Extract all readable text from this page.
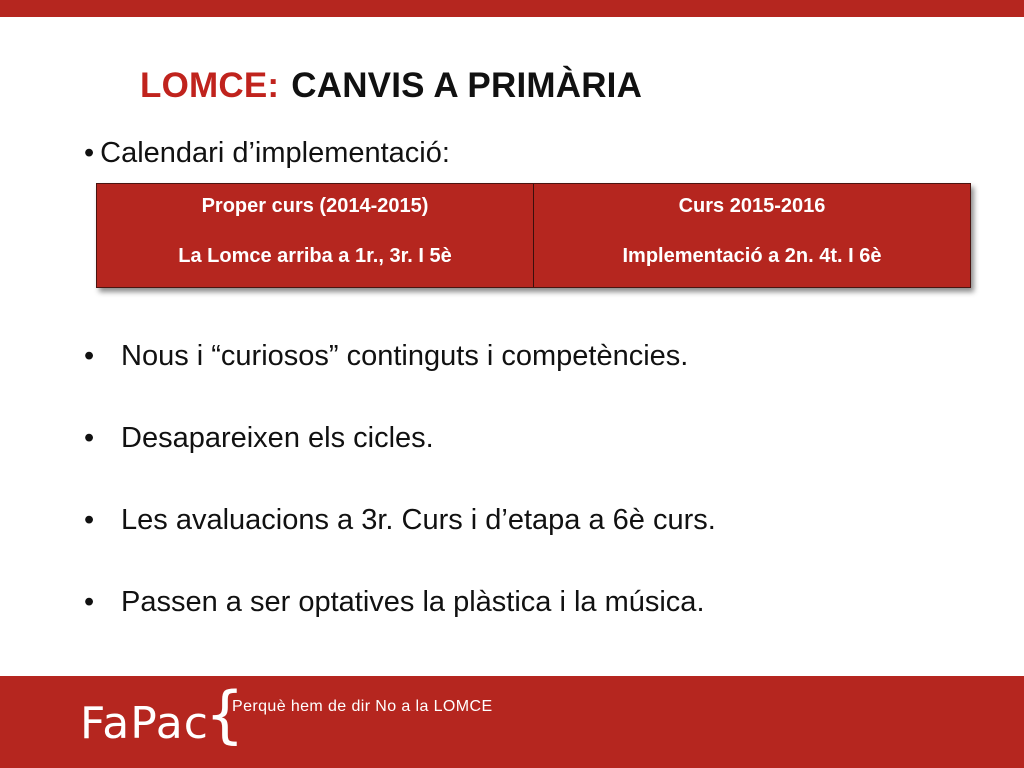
LOMCE: CANVIS A PRIMÀRIA
• Calendari d’implementació:
Proper curs (2014-2015)
La Lomce arriba a 1r., 3r. I 5è
Curs 2015-2016
Implementació a 2n. 4t. I 6è
• Nous i “curiosos” continguts i competències.
• Desapareixen els cicles.
• Les avaluacions a 3r. Curs i d’etapa a 6è curs.
• Passen a ser optatives la plàstica i la música.
FaPac
{
Perquè hem de dir No a la LOMCE
